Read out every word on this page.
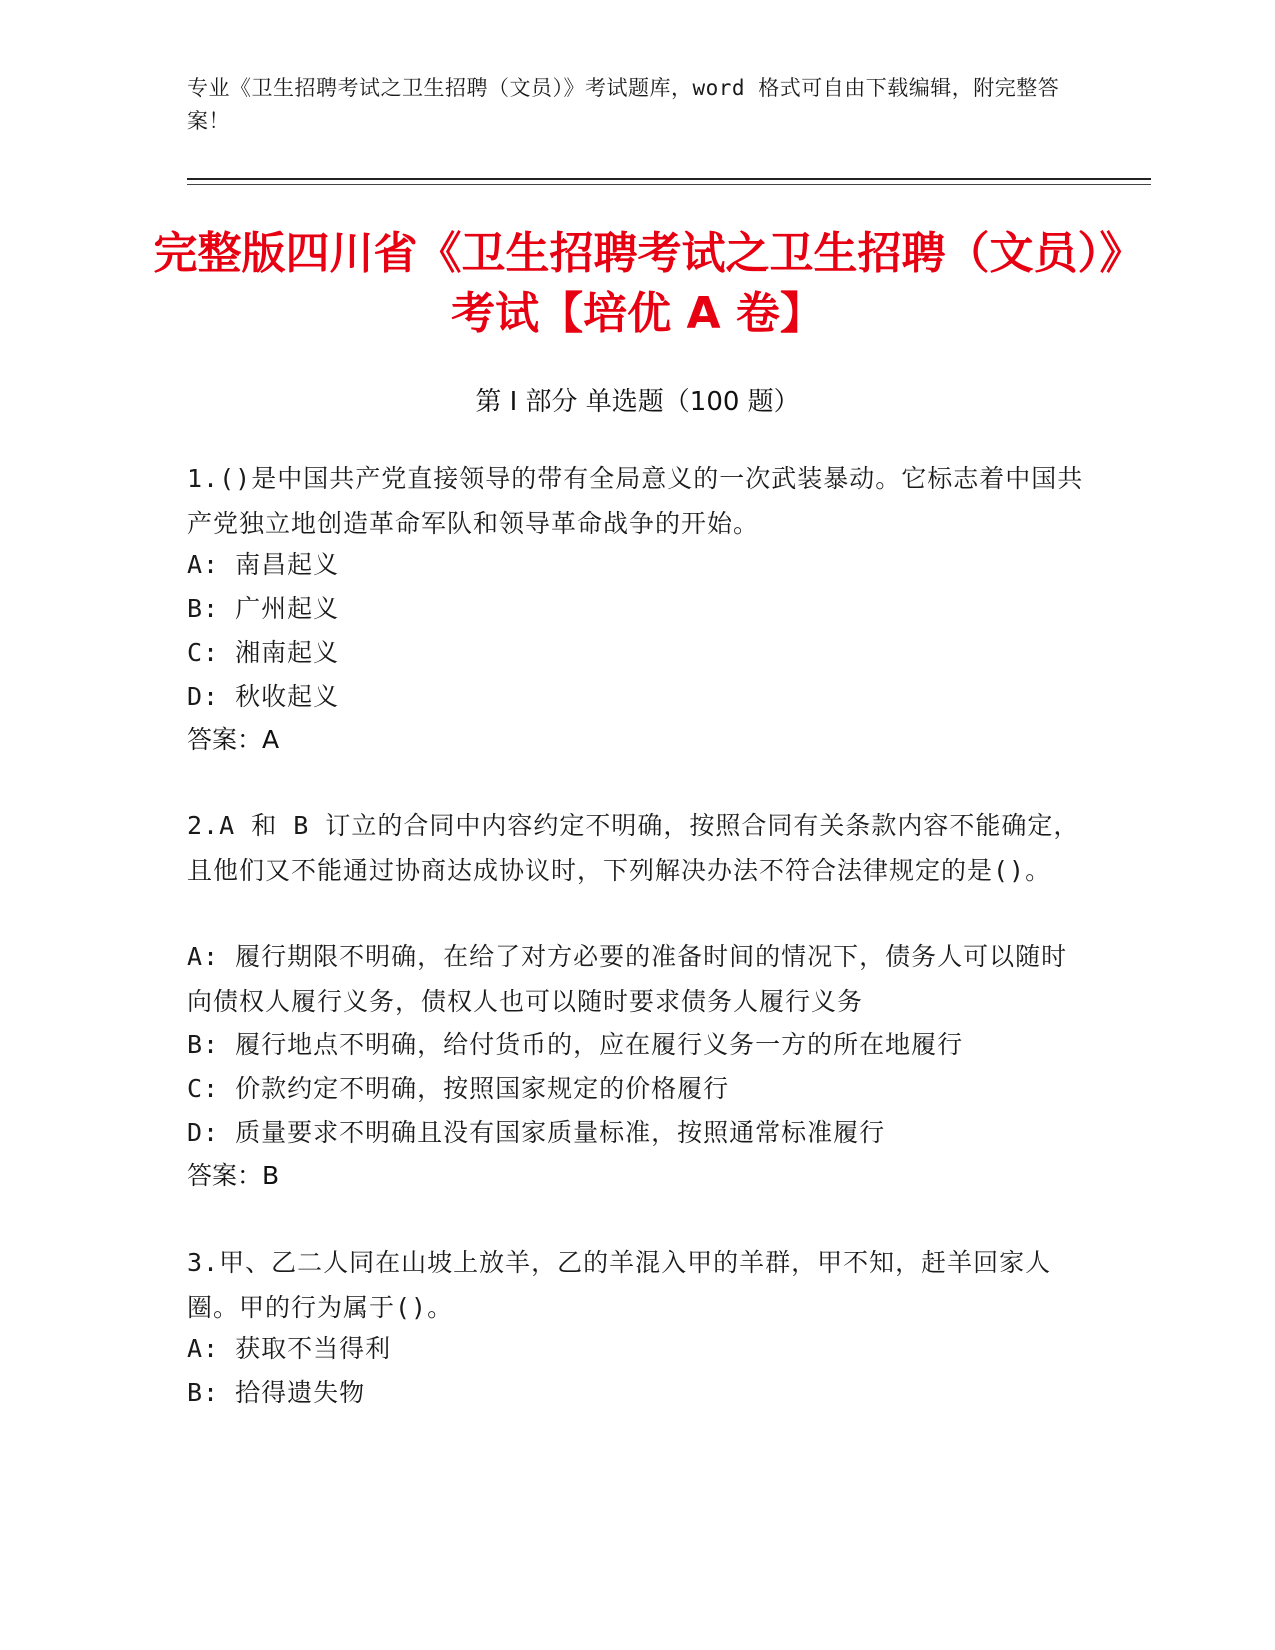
专业《卫生招聘考试之卫生招聘（文员）》考试题库，word 格式可自由下载编辑，附完整答案！
完整版四川省《卫生招聘考试之卫生招聘（文员）》考试【培优 A 卷】
第 I 部分 单选题（100 题）
1.()是中国共产党直接领导的带有全局意义的一次武装暴动。它标志着中国共产党独立地创造革命军队和领导革命战争的开始。
A: 南昌起义
B: 广州起义
C: 湘南起义
D: 秋收起义
答案：A
2.A 和 B 订立的合同中内容约定不明确，按照合同有关条款内容不能确定，且他们又不能通过协商达成协议时，下列解决办法不符合法律规定的是()。
A: 履行期限不明确，在给了对方必要的准备时间的情况下，债务人可以随时向债权人履行义务，债权人也可以随时要求债务人履行义务
B: 履行地点不明确，给付货币的，应在履行义务一方的所在地履行
C: 价款约定不明确，按照国家规定的价格履行
D: 质量要求不明确且没有国家质量标准，按照通常标准履行
答案：B
3.甲、乙二人同在山坡上放羊，乙的羊混入甲的羊群，甲不知，赶羊回家人圈。甲的行为属于()。
A: 获取不当得利
B: 拾得遗失物
